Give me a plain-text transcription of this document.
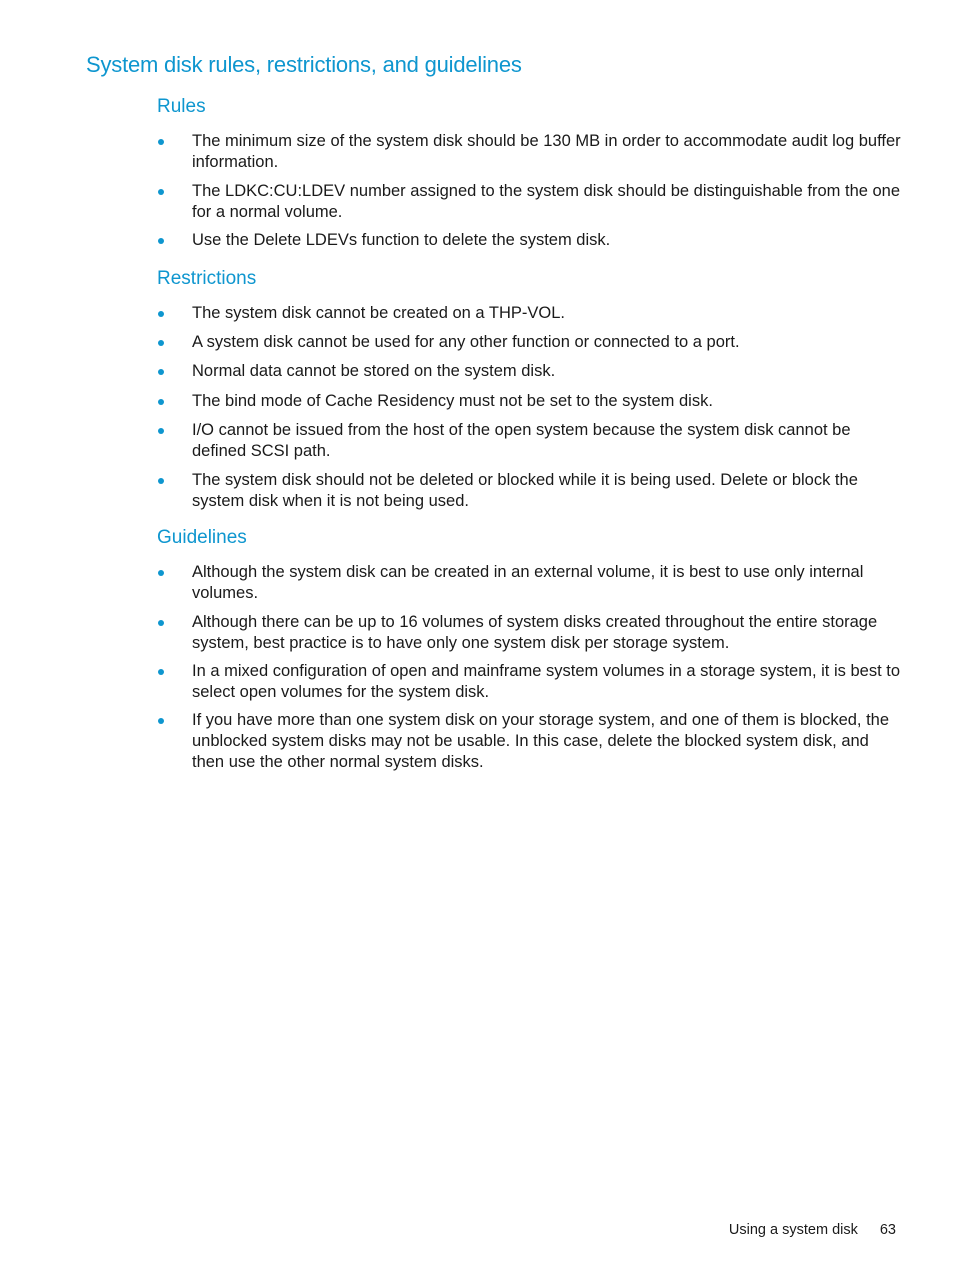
System disk rules, restrictions, and guidelines
Rules
The minimum size of the system disk should be 130 MB in order to accommodate audit log buffer information.
The LDKC:CU:LDEV number assigned to the system disk should be distinguishable from the one for a normal volume.
Use the Delete LDEVs function to delete the system disk.
Restrictions
The system disk cannot be created on a THP-VOL.
A system disk cannot be used for any other function or connected to a port.
Normal data cannot be stored on the system disk.
The bind mode of Cache Residency must not be set to the system disk.
I/O cannot be issued from the host of the open system because the system disk cannot be defined SCSI path.
The system disk should not be deleted or blocked while it is being used. Delete or block the system disk when it is not being used.
Guidelines
Although the system disk can be created in an external volume, it is best to use only internal volumes.
Although there can be up to 16 volumes of system disks created throughout the entire storage system, best practice is to have only one system disk per storage system.
In a mixed configuration of open and mainframe system volumes in a storage system, it is best to select open volumes for the system disk.
If you have more than one system disk on your storage system, and one of them is blocked, the unblocked system disks may not be usable. In this case, delete the blocked system disk, and then use the other normal system disks.
Using a system disk 63
